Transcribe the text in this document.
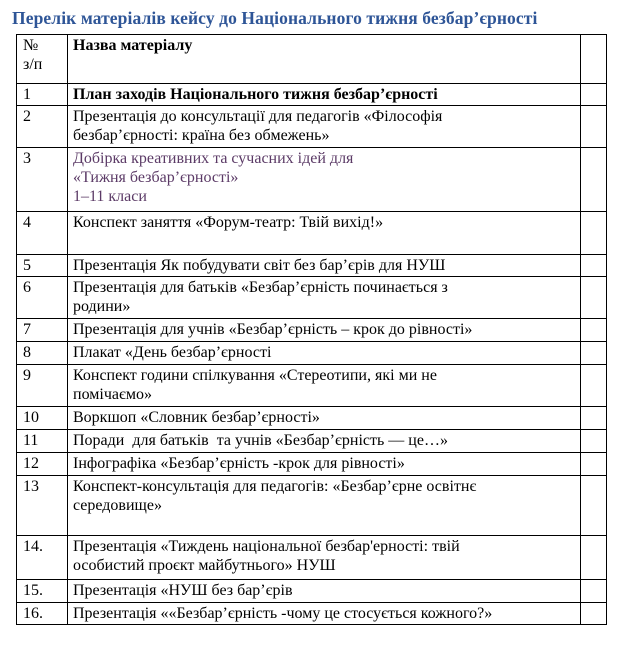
Перелік матеріалів кейсу до Національного тижня безбар’єрності
№
з/п	Назва матеріалу	
1	План заходів Національного тижня безбар’єрності	
2	Презентація до консультації для педагогів «Філософія
безбар’єрності: країна без обмежень»	

3	Добірка креативних та сучасних ідей для
«Тижня безбар’єрності»
1–11 класи	

4	Конспект заняття «Форум-театр: Твій вихід!»	
5	Презентація Як побудувати світ без бар’єрів для НУШ	
6	Презентація для батьків «Безбар’єрність починається з
родини»	

7	Презентація для учнів «Безбар’єрність – крок до рівності»	
8	Плакат «День безбар’єрності	
9	Конспект години спілкування «Стереотипи, які ми не
помічаємо»	

10	Воркшоп «Словник безбар’єрності»	
11	Поради  для батьків  та учнів «Безбар’єрність — це…»	
12	Інфографіка «Безбар’єрність -крок для рівності»	
13	Конспект-консультація для педагогів: «Безбар’єрне освітнє
середовище»	

14.	Презентація «Тиждень національної безбар'ерності: твій
особистий проєкт майбутнього» НУШ	

15.	Презентація «НУШ без бар’єрів	
16.	Презентація ««Безбар’єрність -чому це стосується кожного?»	
